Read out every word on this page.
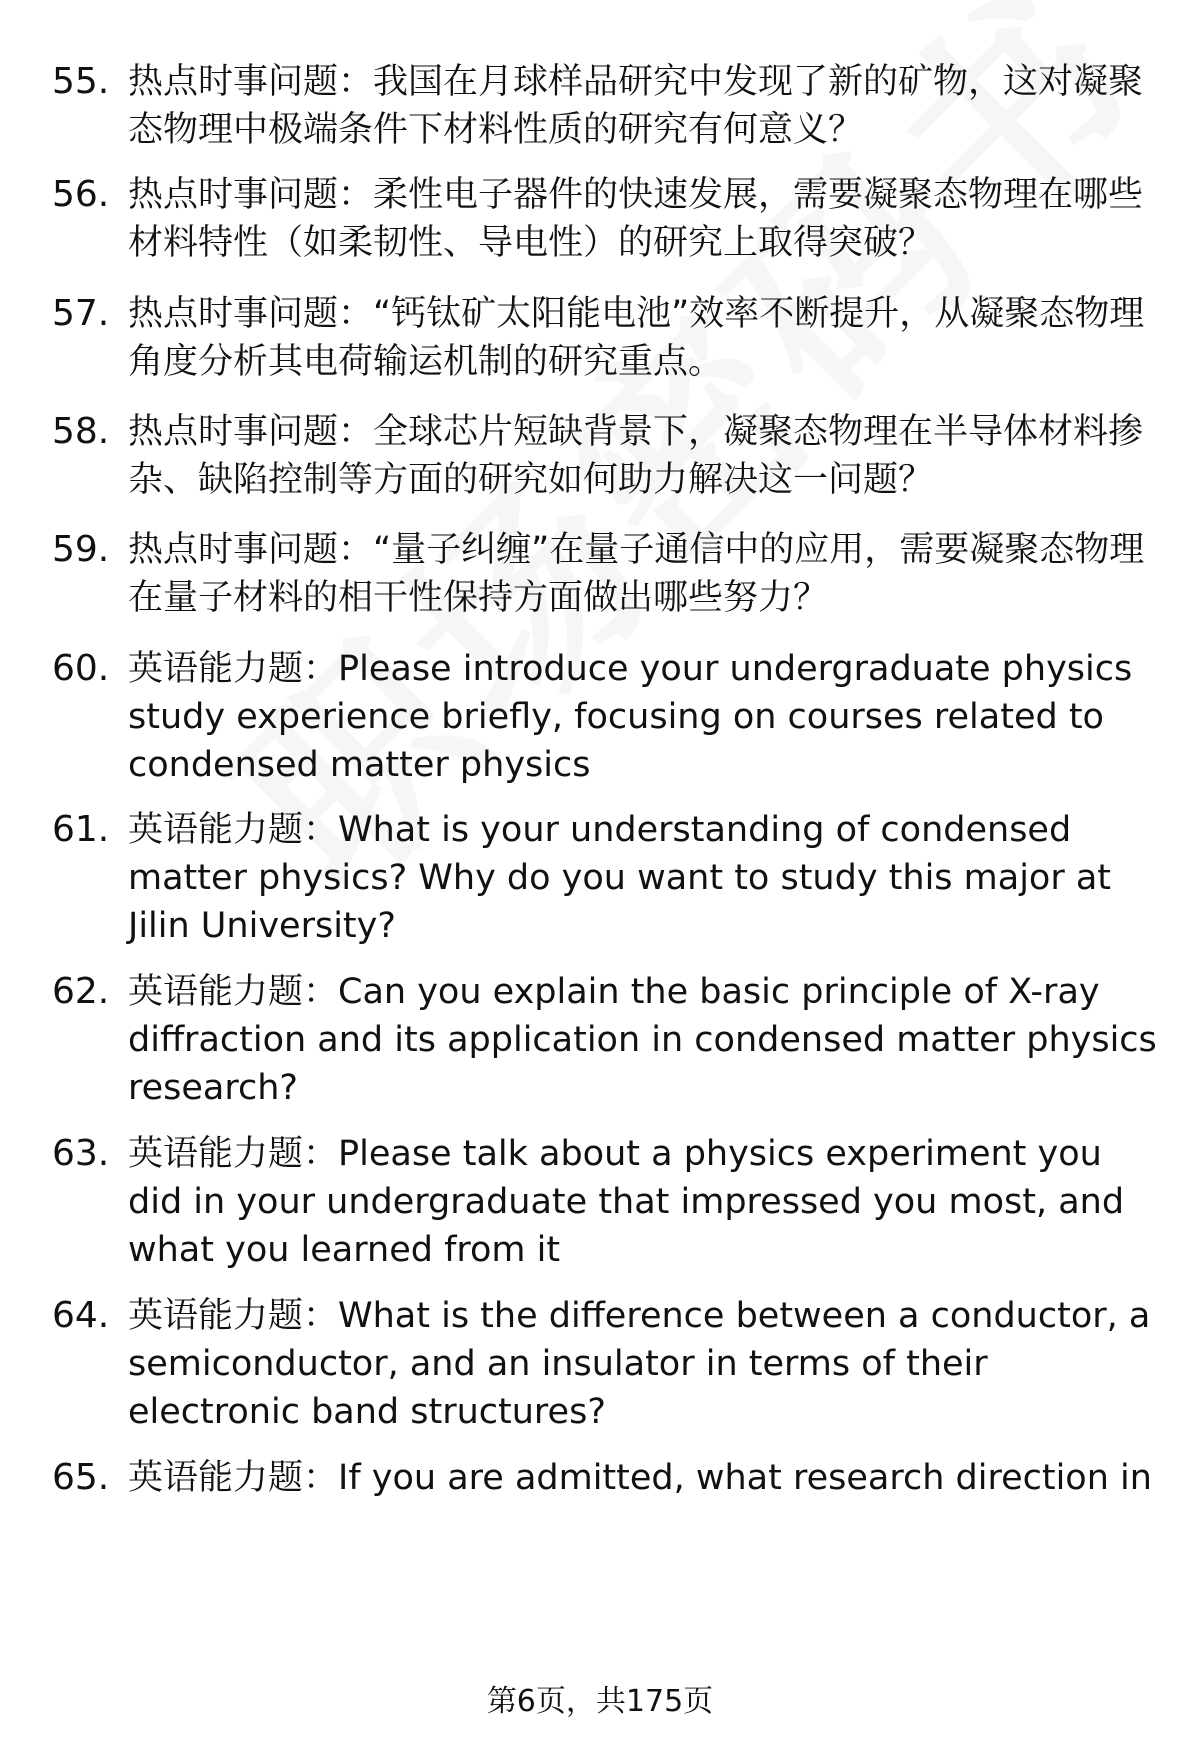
55. 热点时事问题：我国在月球样品研究中发现了新的矿物，这对凝聚态物理中极端条件下材料性质的研究有何意义？
56. 热点时事问题：柔性电子器件的快速发展，需要凝聚态物理在哪些材料特性（如柔韧性、导电性）的研究上取得突破？
57. 热点时事问题：“钙钛矿太阳能电池”效率不断提升，从凝聚态物理角度分析其电荷输运机制的研究重点。
58. 热点时事问题：全球芯片短缺背景下，凝聚态物理在半导体材料掺杂、缺陷控制等方面的研究如何助力解决这一问题？
59. 热点时事问题：“量子纠缠”在量子通信中的应用，需要凝聚态物理在量子材料的相干性保持方面做出哪些努力？
60. 英语能力题：Please introduce your undergraduate physics study experience briefly, focusing on courses related to condensed matter physics
61. 英语能力题：What is your understanding of condensed matter physics? Why do you want to study this major at Jilin University?
62. 英语能力题：Can you explain the basic principle of X-ray diffraction and its application in condensed matter physics research?
63. 英语能力题：Please talk about a physics experiment you did in your undergraduate that impressed you most, and what you learned from it
64. 英语能力题：What is the difference between a conductor, a semiconductor, and an insulator in terms of their electronic band structures?
65. 英语能力题：If you are admitted, what research direction in
第6页，共175页
